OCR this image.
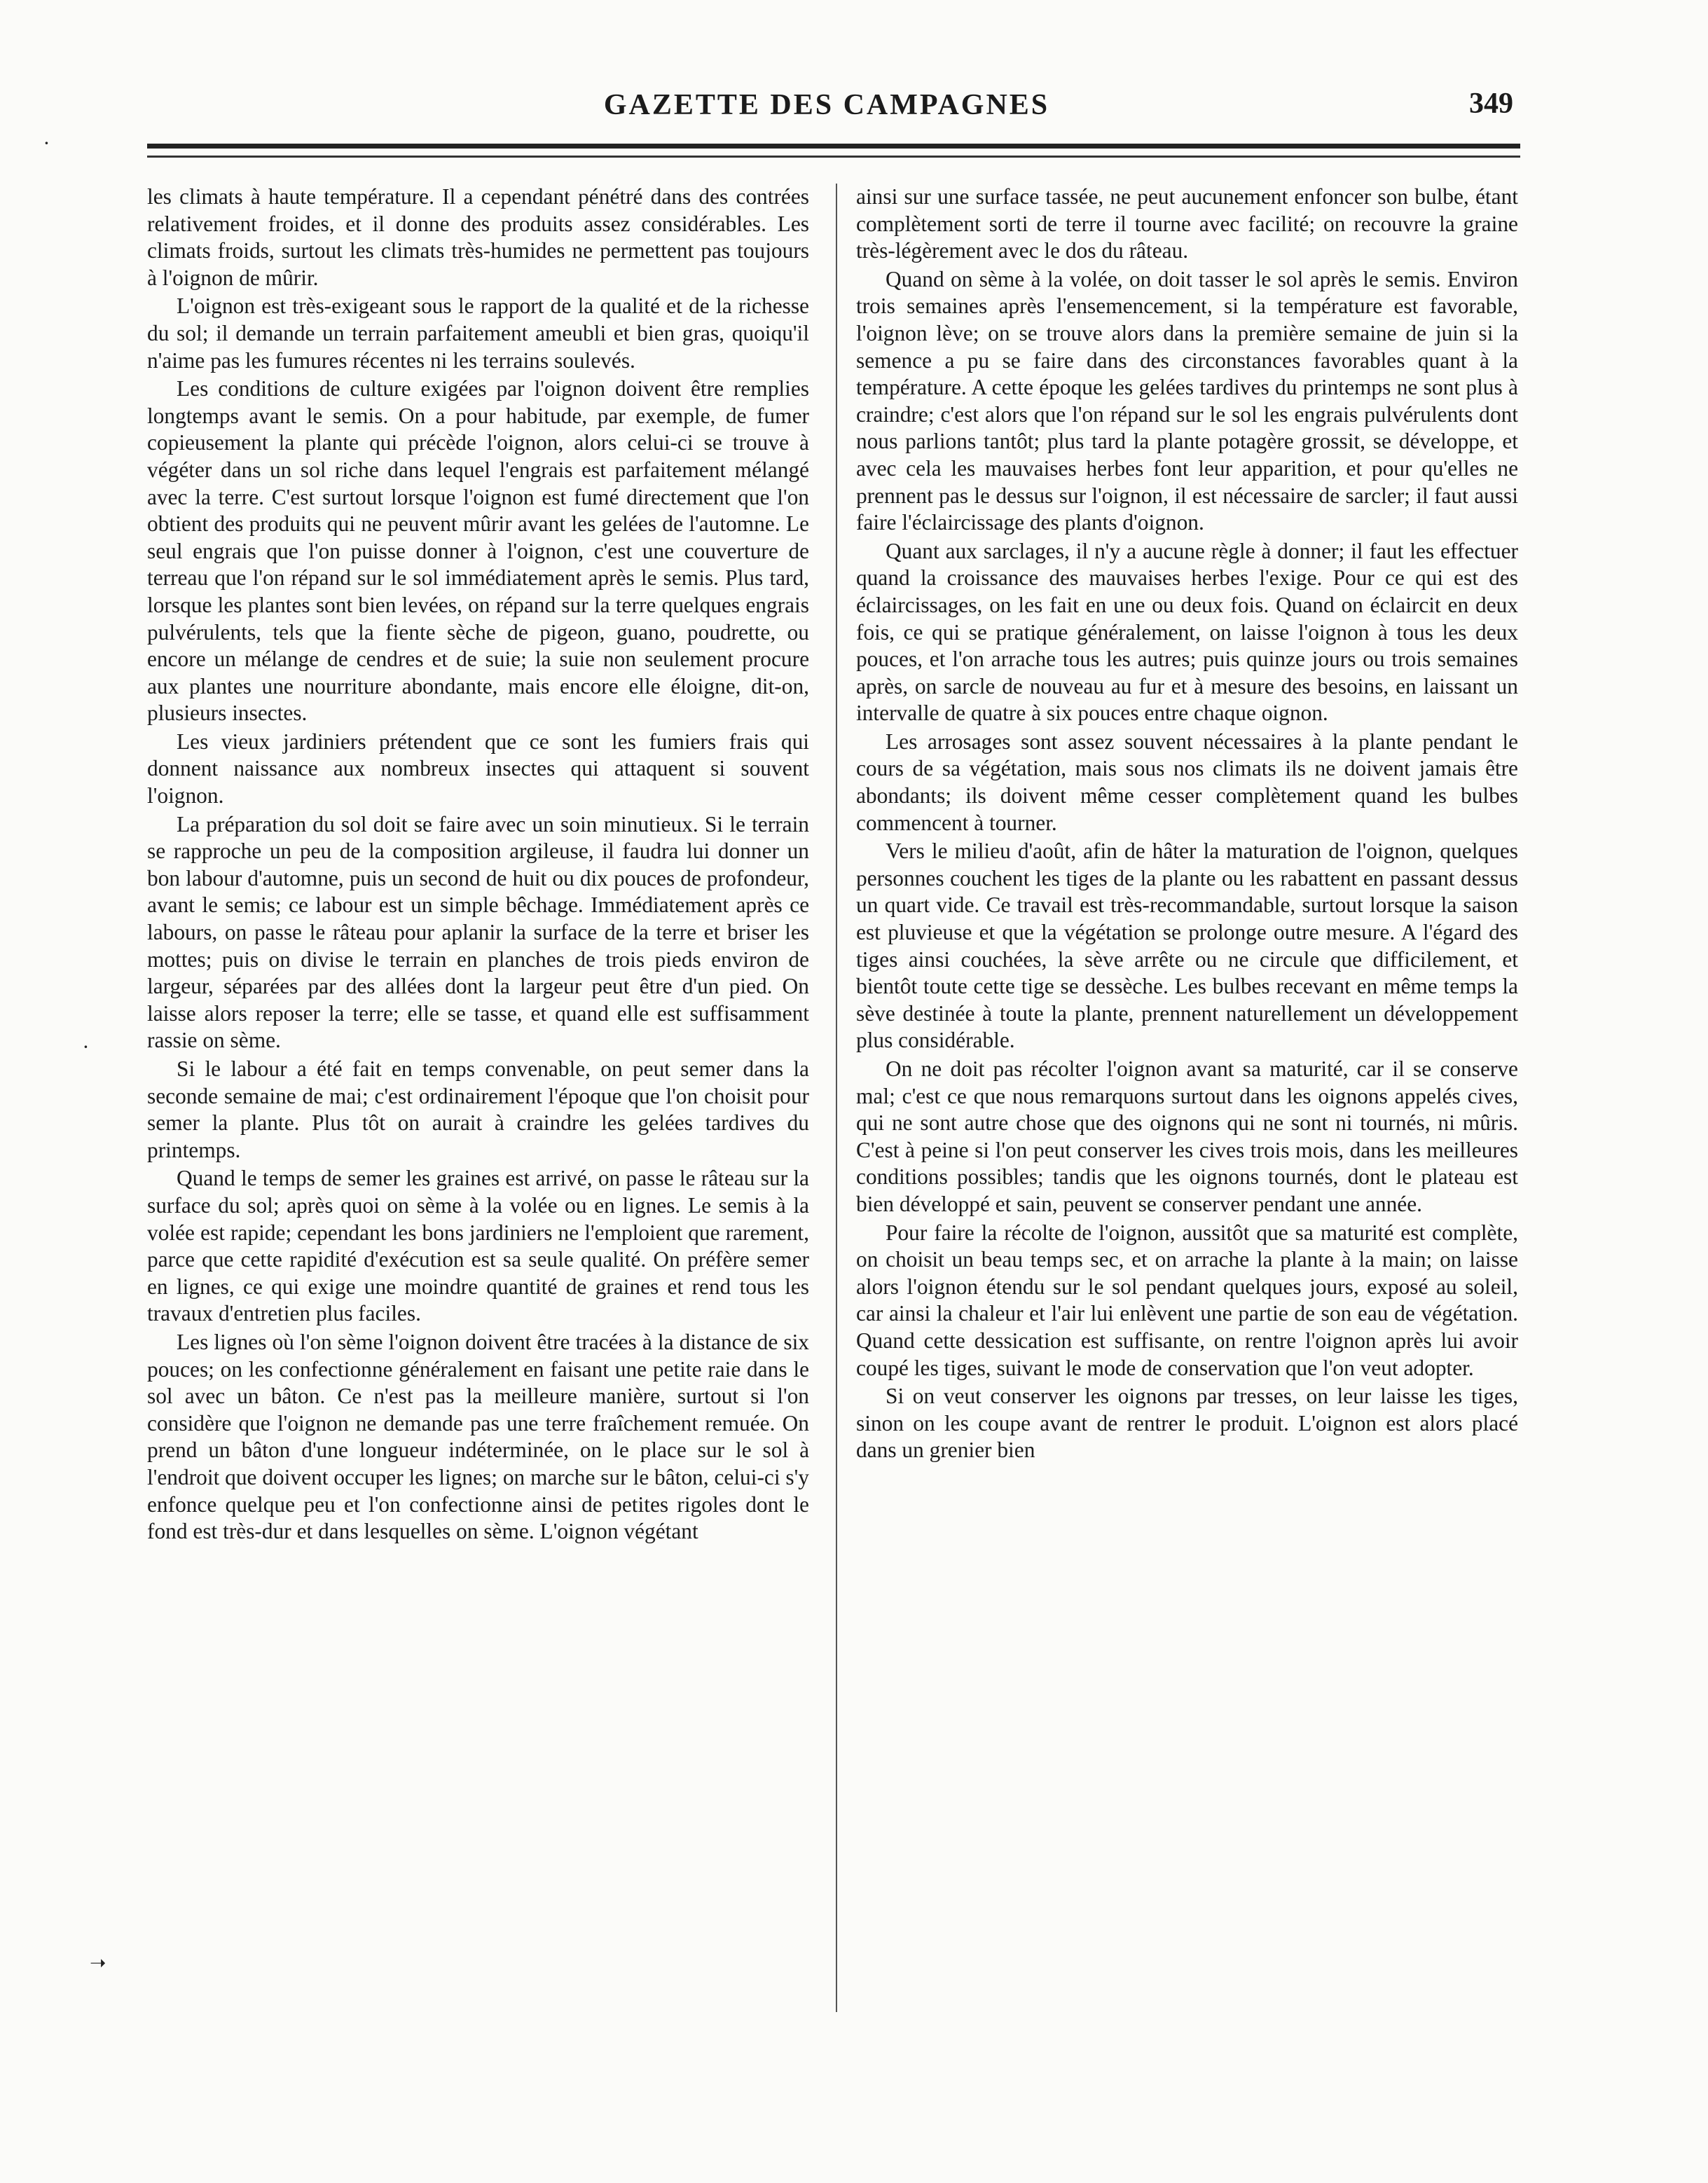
GAZETTE DES CAMPAGNES	349

les climats à haute température. Il a cependant pénétré dans des contrées relativement froides, et il donne des produits assez considérables. Les climats froids, surtout les climats très-humides ne permettent pas toujours à l'oignon de mûrir.

L'oignon est très-exigeant sous le rapport de la qualité et de la richesse du sol; il demande un terrain parfaitement ameubli et bien gras, quoiqu'il n'aime pas les fumures récentes ni les terrains soulevés.

Les conditions de culture exigées par l'oignon doivent être remplies longtemps avant le semis. On a pour habitude, par exemple, de fumer copieusement la plante qui précède l'oignon, alors celui-ci se trouve à végéter dans un sol riche dans lequel l'engrais est parfaitement mélangé avec la terre. C'est surtout lorsque l'oignon est fumé directement que l'on obtient des produits qui ne peuvent mûrir avant les gelées de l'automne. Le seul engrais que l'on puisse donner à l'oignon, c'est une couverture de terreau que l'on répand sur le sol immédiatement après le semis. Plus tard, lorsque les plantes sont bien levées, on répand sur la terre quelques engrais pulvérulents, tels que la fiente sèche de pigeon, guano, poudrette, ou encore un mélange de cendres et de suie; la suie non seulement procure aux plantes une nourriture abondante, mais encore elle éloigne, dit-on, plusieurs insectes.

Les vieux jardiniers prétendent que ce sont les fumiers frais qui donnent naissance aux nombreux insectes qui attaquent si souvent l'oignon.

La préparation du sol doit se faire avec un soin minutieux. Si le terrain se rapproche un peu de la composition argileuse, il faudra lui donner un bon labour d'automne, puis un second de huit ou dix pouces de profondeur, avant le semis; ce labour est un simple bêchage. Immédiatement après ce labours, on passe le râteau pour aplanir la surface de la terre et briser les mottes; puis on divise le terrain en planches de trois pieds environ de largeur, séparées par des allées dont la largeur peut être d'un pied. On laisse alors reposer la terre; elle se tasse, et quand elle est suffisamment rassie on sème.

Si le labour a été fait en temps convenable, on peut semer dans la seconde semaine de mai; c'est ordinairement l'époque que l'on choisit pour semer la plante. Plus tôt on aurait à craindre les gelées tardives du printemps.

Quand le temps de semer les graines est arrivé, on passe le râteau sur la surface du sol; après quoi on sème à la volée ou en lignes. Le semis à la volée est rapide; cependant les bons jardiniers ne l'emploient que rarement, parce que cette rapidité d'exécution est sa seule qualité. On préfère semer en lignes, ce qui exige une moindre quantité de graines et rend tous les travaux d'entretien plus faciles.

Les lignes où l'on sème l'oignon doivent être tracées à la distance de six pouces; on les confectionne généralement en faisant une petite raie dans le sol avec un bâton. Ce n'est pas la meilleure manière, surtout si l'on considère que l'oignon ne demande pas une terre fraîchement remuée. On prend un bâton d'une longueur indéterminée, on le place sur le sol à l'endroit que doivent occuper les lignes; on marche sur le bâton, celui-ci s'y enfonce quelque peu et l'on confectionne ainsi de petites rigoles dont le fond est très-dur et dans lesquelles on sème. L'oignon végétant

ainsi sur une surface tassée, ne peut aucunement enfoncer son bulbe, étant complètement sorti de terre il tourne avec facilité; on recouvre la graine très-légèrement avec le dos du râteau.

Quand on sème à la volée, on doit tasser le sol après le semis. Environ trois semaines après l'ensemencement, si la température est favorable, l'oignon lève; on se trouve alors dans la première semaine de juin si la semence a pu se faire dans des circonstances favorables quant à la température. A cette époque les gelées tardives du printemps ne sont plus à craindre; c'est alors que l'on répand sur le sol les engrais pulvérulents dont nous parlions tantôt; plus tard la plante potagère grossit, se développe, et avec cela les mauvaises herbes font leur apparition, et pour qu'elles ne prennent pas le dessus sur l'oignon, il est nécessaire de sarcler; il faut aussi faire l'éclaircissage des plants d'oignon.

Quant aux sarclages, il n'y a aucune règle à donner; il faut les effectuer quand la croissance des mauvaises herbes l'exige. Pour ce qui est des éclaircissages, on les fait en une ou deux fois. Quand on éclaircit en deux fois, ce qui se pratique généralement, on laisse l'oignon à tous les deux pouces, et l'on arrache tous les autres; puis quinze jours ou trois semaines après, on sarcle de nouveau au fur et à mesure des besoins, en laissant un intervalle de quatre à six pouces entre chaque oignon.

Les arrosages sont assez souvent nécessaires à la plante pendant le cours de sa végétation, mais sous nos climats ils ne doivent jamais être abondants; ils doivent même cesser complètement quand les bulbes commencent à tourner.

Vers le milieu d'août, afin de hâter la maturation de l'oignon, quelques personnes couchent les tiges de la plante ou les rabattent en passant dessus un quart vide. Ce travail est très-recommandable, surtout lorsque la saison est pluvieuse et que la végétation se prolonge outre mesure. A l'égard des tiges ainsi couchées, la sève arrête ou ne circule que difficilement, et bientôt toute cette tige se dessèche. Les bulbes recevant en même temps la sève destinée à toute la plante, prennent naturellement un développement plus considérable.

On ne doit pas récolter l'oignon avant sa maturité, car il se conserve mal; c'est ce que nous remarquons surtout dans les oignons appelés cives, qui ne sont autre chose que des oignons qui ne sont ni tournés, ni mûris. C'est à peine si l'on peut conserver les cives trois mois, dans les meilleures conditions possibles; tandis que les oignons tournés, dont le plateau est bien développé et sain, peuvent se conserver pendant une année.

Pour faire la récolte de l'oignon, aussitôt que sa maturité est complète, on choisit un beau temps sec, et on arrache la plante à la main; on laisse alors l'oignon étendu sur le sol pendant quelques jours, exposé au soleil, car ainsi la chaleur et l'air lui enlèvent une partie de son eau de végétation. Quand cette dessication est suffisante, on rentre l'oignon après lui avoir coupé les tiges, suivant le mode de conservation que l'on veut adopter.

Si on veut conserver les oignons par tresses, on leur laisse les tiges, sinon on les coupe avant de rentrer le produit. L'oignon est alors placé dans un grenier bien

·
·
➝
